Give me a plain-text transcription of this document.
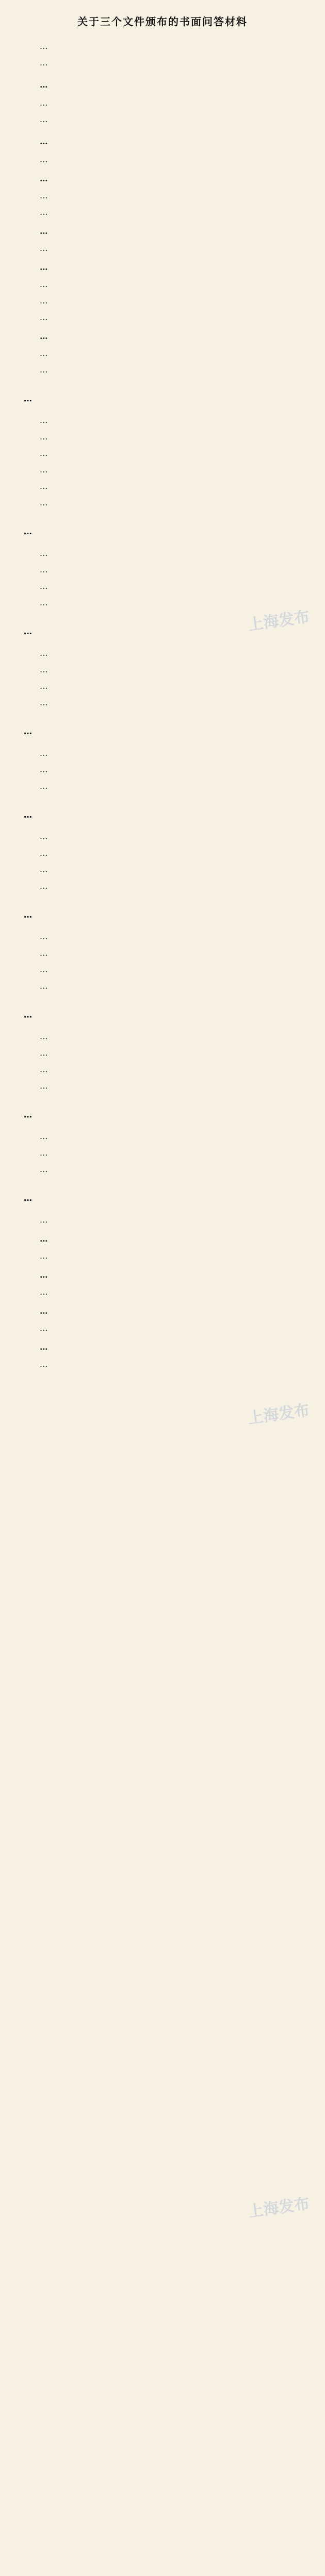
关于三个文件颁布的书面问答材料
…
…
…
…
…
…
…
…
…
…
…
…
…
…
…
…
…
…
…
…
…
…
…
…
…
…
…
…
…
…
…
…
…
…
…
…
…
…
…
…
…
…
…
…
…
…
…
…
…
…
…
…
…
…
…
…
…
…
…
…
…
…
…
…
…
…
…
…
…
上海发布
上海发布
上海发布
